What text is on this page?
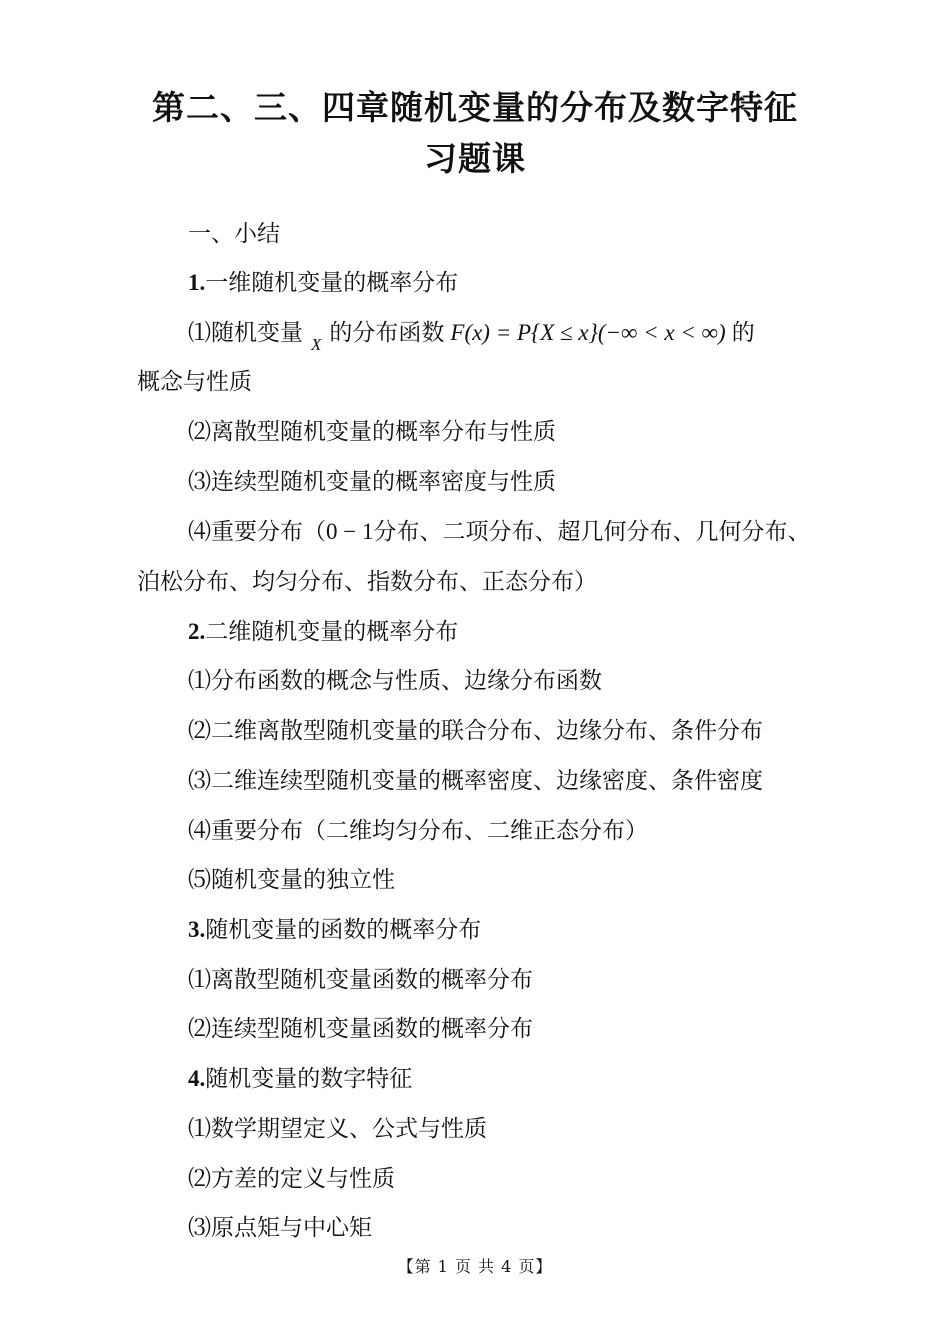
第二、三、四章随机变量的分布及数字特征
习题课

一、小结

1.一维随机变量的概率分布

⑴随机变量 $_X$ 的分布函数 F(x) = P{X ≤ x}(−∞ < x < ∞) 的

概念与性质

⑵离散型随机变量的概率分布与性质

⑶连续型随机变量的概率密度与性质

⑷重要分布（0 − 1分布、二项分布、超几何分布、几何分布、

泊松分布、均匀分布、指数分布、正态分布）

2.二维随机变量的概率分布

⑴分布函数的概念与性质、边缘分布函数

⑵二维离散型随机变量的联合分布、边缘分布、条件分布

⑶二维连续型随机变量的概率密度、边缘密度、条件密度

⑷重要分布（二维均匀分布、二维正态分布）

⑸随机变量的独立性

3.随机变量的函数的概率分布

⑴离散型随机变量函数的概率分布

⑵连续型随机变量函数的概率分布

4.随机变量的数字特征

⑴数学期望定义、公式与性质

⑵方差的定义与性质

⑶原点矩与中心矩

【第 1 页 共 4 页】
